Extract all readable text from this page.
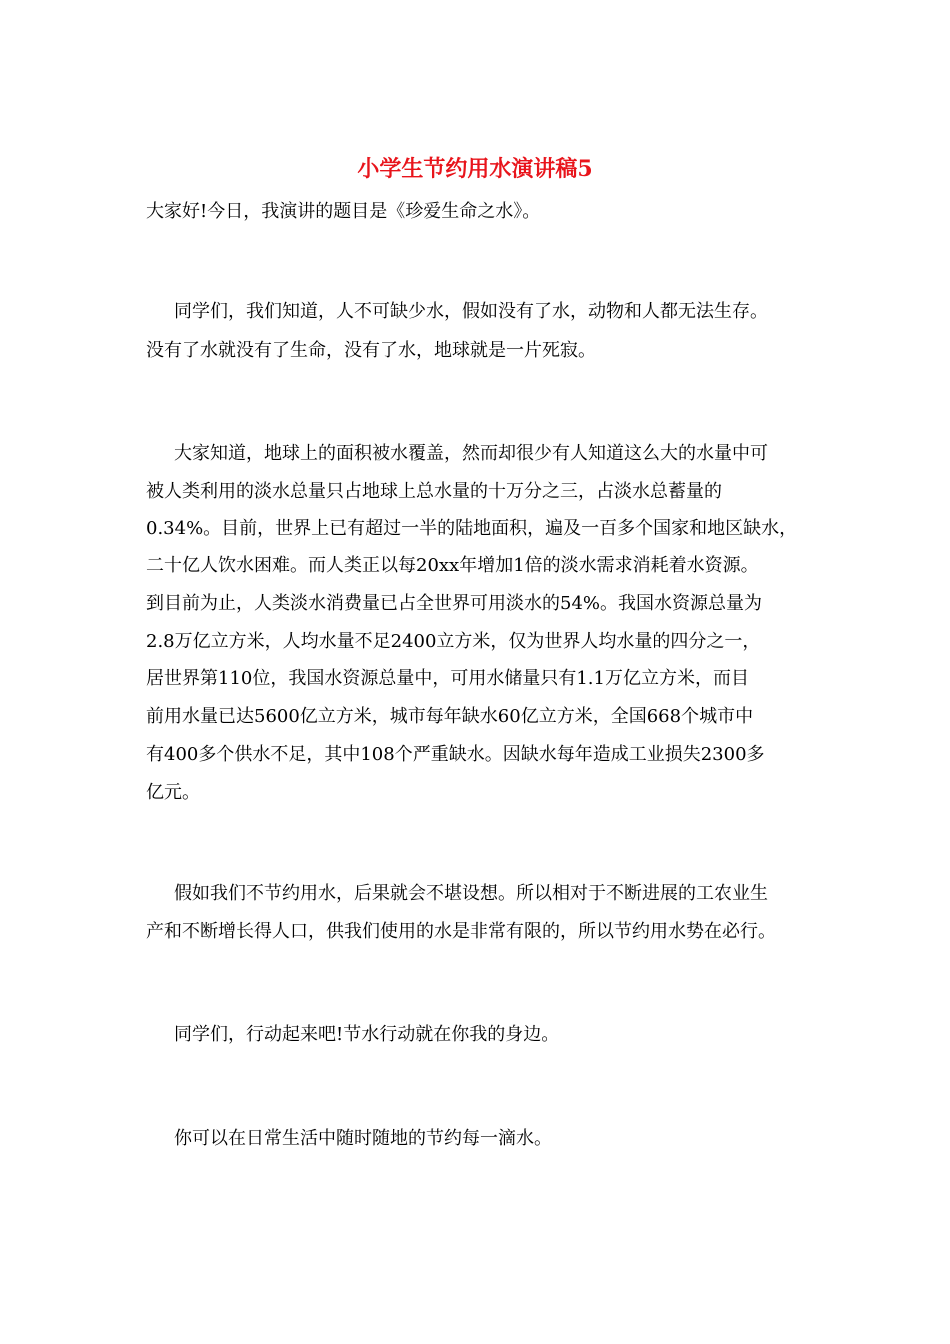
小学生节约用水演讲稿5

大家好!今日，我演讲的题目是《珍爱生命之水》。

同学们，我们知道，人不可缺少水，假如没有了水，动物和人都无法生存。

没有了水就没有了生命，没有了水，地球就是一片死寂。

大家知道，地球上的面积被水覆盖，然而却很少有人知道这么大的水量中可

被人类利用的淡水总量只占地球上总水量的十万分之三，占淡水总蓄量的

0.34%。目前，世界上已有超过一半的陆地面积，遍及一百多个国家和地区缺水，

二十亿人饮水困难。而人类正以每20xx年增加1倍的淡水需求消耗着水资源。

到目前为止，人类淡水消费量已占全世界可用淡水的54%。我国水资源总量为

2.8万亿立方米，人均水量不足2400立方米，仅为世界人均水量的四分之一，

居世界第110位，我国水资源总量中，可用水储量只有1.1万亿立方米，而目

前用水量已达5600亿立方米，城市每年缺水60亿立方米，全国668个城市中

有400多个供水不足，其中108个严重缺水。因缺水每年造成工业损失2300多

亿元。

假如我们不节约用水，后果就会不堪设想。所以相对于不断进展的工农业生

产和不断增长得人口，供我们使用的水是非常有限的，所以节约用水势在必行。

同学们，行动起来吧!节水行动就在你我的身边。

你可以在日常生活中随时随地的节约每一滴水。
